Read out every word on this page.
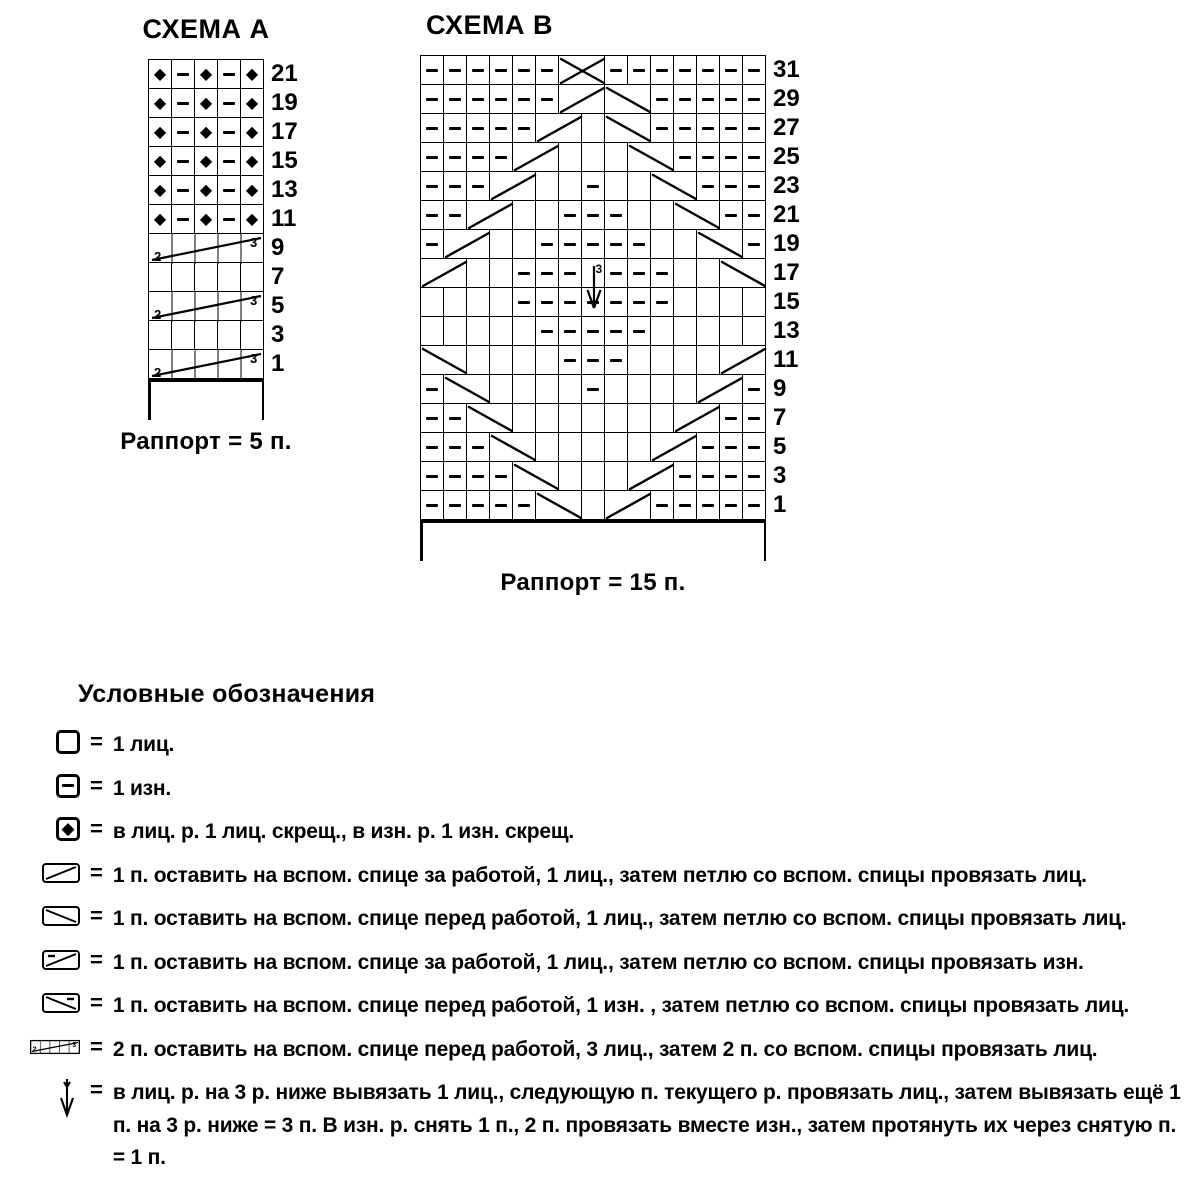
СХЕМА А
◆ ◆ ◆
◆ ◆ ◆
◆ ◆ ◆
◆ ◆ ◆
◆ ◆ ◆
◆ ◆ ◆
2
3
2
3
2
3
21
19
17
15
13
11
9
7
5
3
1
Раппорт = 5 п.
СХЕМА В
3
31
29
27
25
23
21
19
17
15
13
11
9
7
5
3
1
Раппорт = 15 п.
Условные обозначения
= 1 лиц.
= 1 изн.
◆ = в лиц. р. 1 лиц. скрещ., в изн. р. 1 изн. скрещ.
= 1 п. оставить на вспом. спице за работой, 1 лиц., затем петлю со вспом. спицы провязать лиц.
= 1 п. оставить на вспом. спице перед работой, 1 лиц., затем петлю со вспом. спицы провязать лиц.
= 1 п. оставить на вспом. спице за работой, 1 лиц., затем петлю со вспом. спицы провязать изн.
= 1 п. оставить на вспом. спице перед работой, 1 изн. , затем петлю со вспом. спицы провязать лиц.
2
3 = 2 п. оставить на вспом. спице перед работой, 3 лиц., затем 2 п. со вспом. спицы провязать лиц.
= в лиц. р. на 3 р. ниже вывязать 1 лиц., следующую п. текущего р. провязать лиц., затем вывязать ещё 1 п. на 3 р. ниже = 3 п. В изн. р. снять 1 п., 2 п. провязать вместе изн., затем протянуть их через снятую п. = 1 п.
